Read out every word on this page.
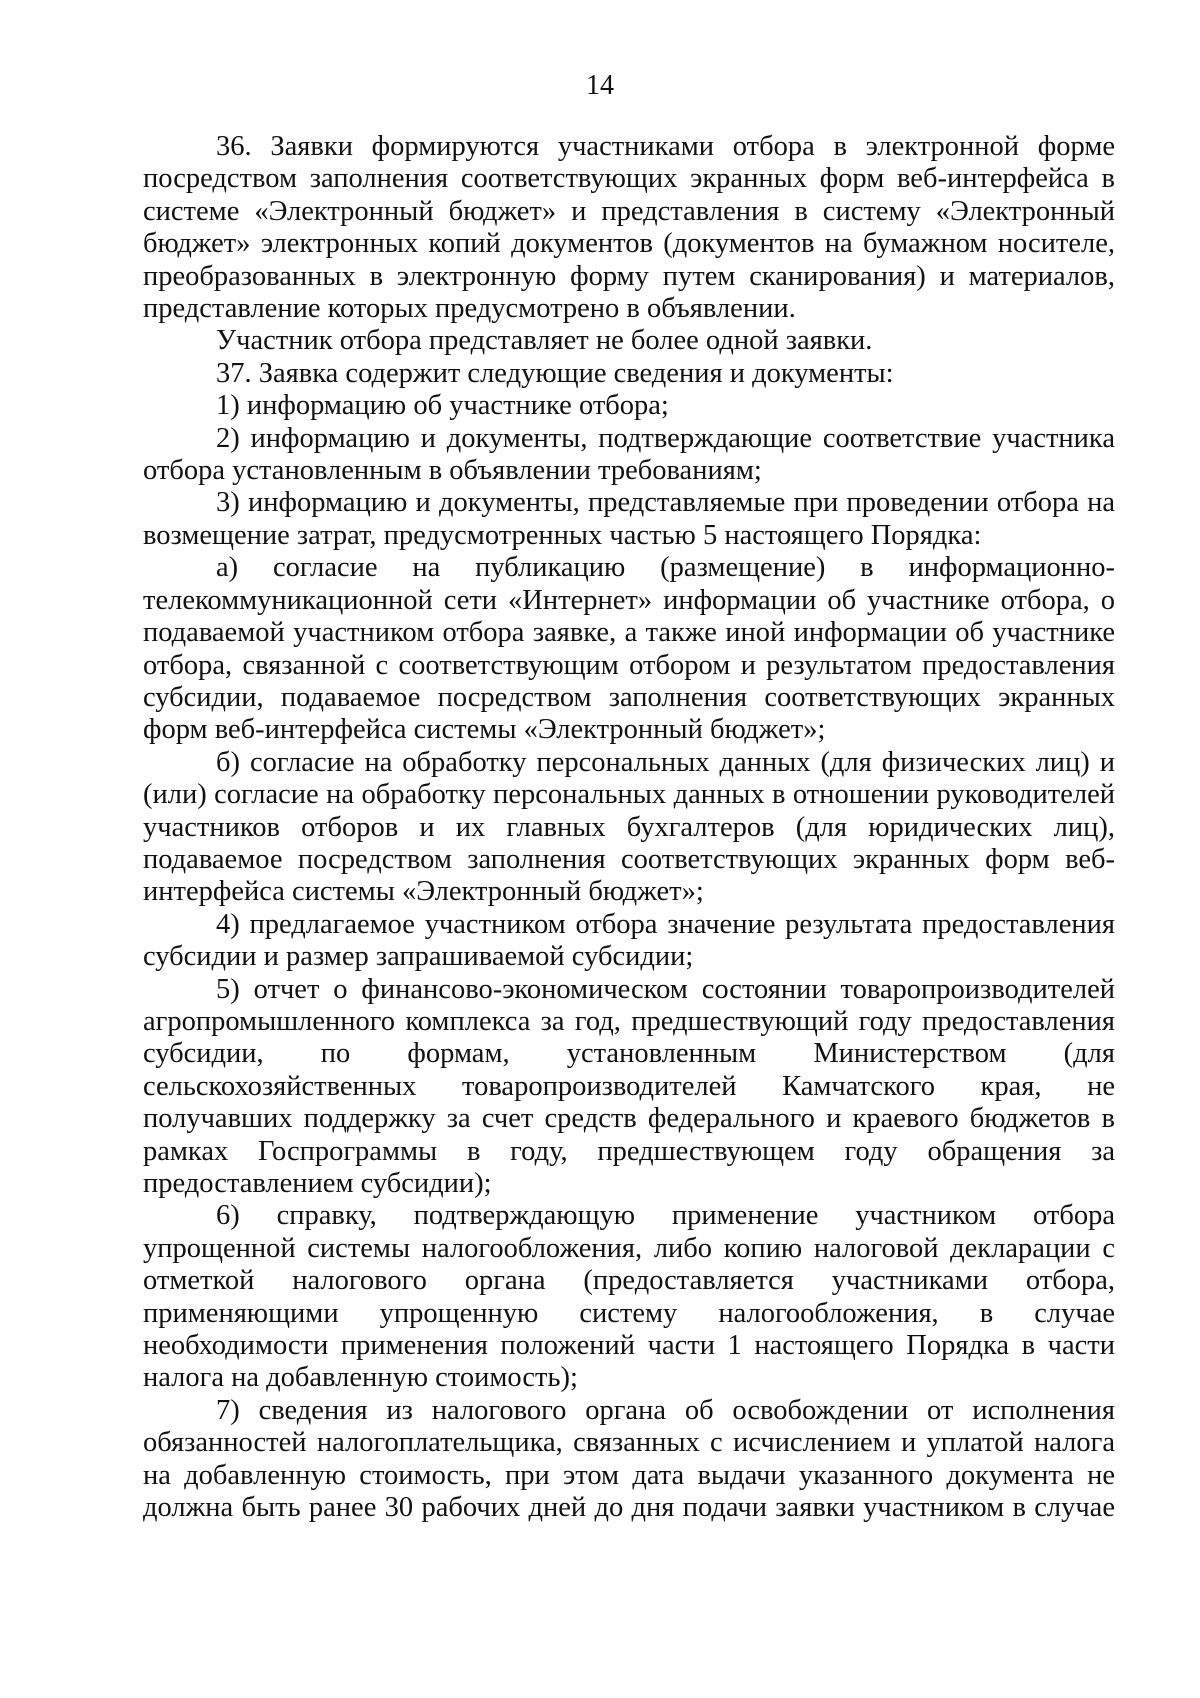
14

36. Заявки формируются участниками отбора в электронной форме посредством заполнения соответствующих экранных форм веб-интерфейса в системе «Электронный бюджет» и представления в систему «Электронный бюджет» электронных копий документов (документов на бумажном носителе, преобразованных в электронную форму путем сканирования) и материалов, представление которых предусмотрено в объявлении.

Участник отбора представляет не более одной заявки.

37. Заявка содержит следующие сведения и документы:

1) информацию об участнике отбора;

2) информацию и документы, подтверждающие соответствие участника отбора установленным в объявлении требованиям;

3) информацию и документы, представляемые при проведении отбора на возмещение затрат, предусмотренных частью 5 настоящего Порядка:

а) согласие на публикацию (размещение) в информационно-телекоммуникационной сети «Интернет» информации об участнике отбора, о подаваемой участником отбора заявке, а также иной информации об участнике отбора, связанной с соответствующим отбором и результатом предоставления субсидии, подаваемое посредством заполнения соответствующих экранных форм веб-интерфейса системы «Электронный бюджет»;

б) согласие на обработку персональных данных (для физических лиц) и (или) согласие на обработку персональных данных в отношении руководителей участников отборов и их главных бухгалтеров (для юридических лиц), подаваемое посредством заполнения соответствующих экранных форм веб-интерфейса системы «Электронный бюджет»;

4) предлагаемое участником отбора значение результата предоставления субсидии и размер запрашиваемой субсидии;

5) отчет о финансово-экономическом состоянии товаропроизводителей агропромышленного комплекса за год, предшествующий году предоставления субсидии, по формам, установленным Министерством (для сельскохозяйственных товаропроизводителей Камчатского края, не получавших поддержку за счет средств федерального и краевого бюджетов в рамках Госпрограммы в году, предшествующем году обращения за предоставлением субсидии);

6) справку, подтверждающую применение участником отбора упрощенной системы налогообложения, либо копию налоговой декларации с отметкой налогового органа (предоставляется участниками отбора, применяющими упрощенную систему налогообложения, в случае необходимости применения положений части 1 настоящего Порядка в части налога на добавленную стоимость);

7) сведения из налогового органа об освобождении от исполнения обязанностей налогоплательщика, связанных с исчислением и уплатой налога на добавленную стоимость, при этом дата выдачи указанного документа не должна быть ранее 30 рабочих дней до дня подачи заявки участником в случае
